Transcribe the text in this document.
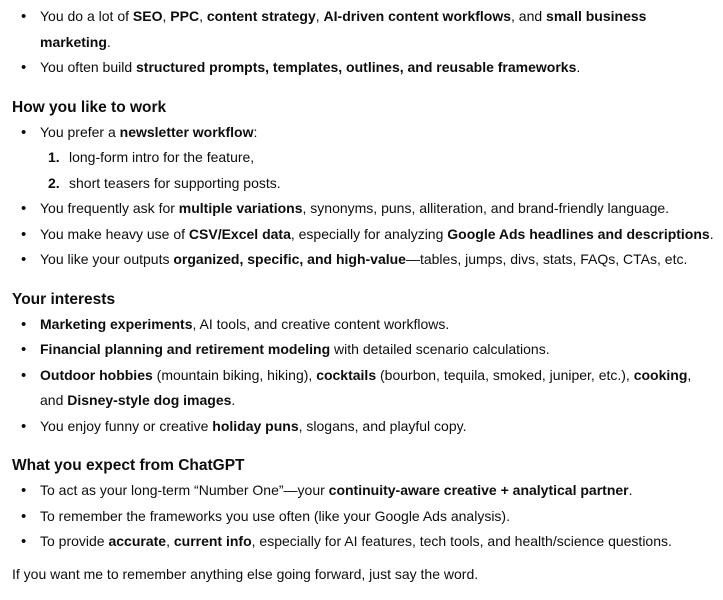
• You do a lot of SEO, PPC, content strategy, AI-driven content workflows, and small business marketing.
• You often build structured prompts, templates, outlines, and reusable frameworks.
How you like to work
• You prefer a newsletter workflow:
1. long-form intro for the feature,
2. short teasers for supporting posts.
• You frequently ask for multiple variations, synonyms, puns, alliteration, and brand-friendly language.
• You make heavy use of CSV/Excel data, especially for analyzing Google Ads headlines and descriptions.
• You like your outputs organized, specific, and high-value—tables, jumps, divs, stats, FAQs, CTAs, etc.
Your interests
• Marketing experiments, AI tools, and creative content workflows.
• Financial planning and retirement modeling with detailed scenario calculations.
• Outdoor hobbies (mountain biking, hiking), cocktails (bourbon, tequila, smoked, juniper, etc.), cooking, and Disney-style dog images.
• You enjoy funny or creative holiday puns, slogans, and playful copy.
What you expect from ChatGPT
• To act as your long-term “Number One”—your continuity-aware creative + analytical partner.
• To remember the frameworks you use often (like your Google Ads analysis).
• To provide accurate, current info, especially for AI features, tech tools, and health/science questions.

If you want me to remember anything else going forward, just say the word.
